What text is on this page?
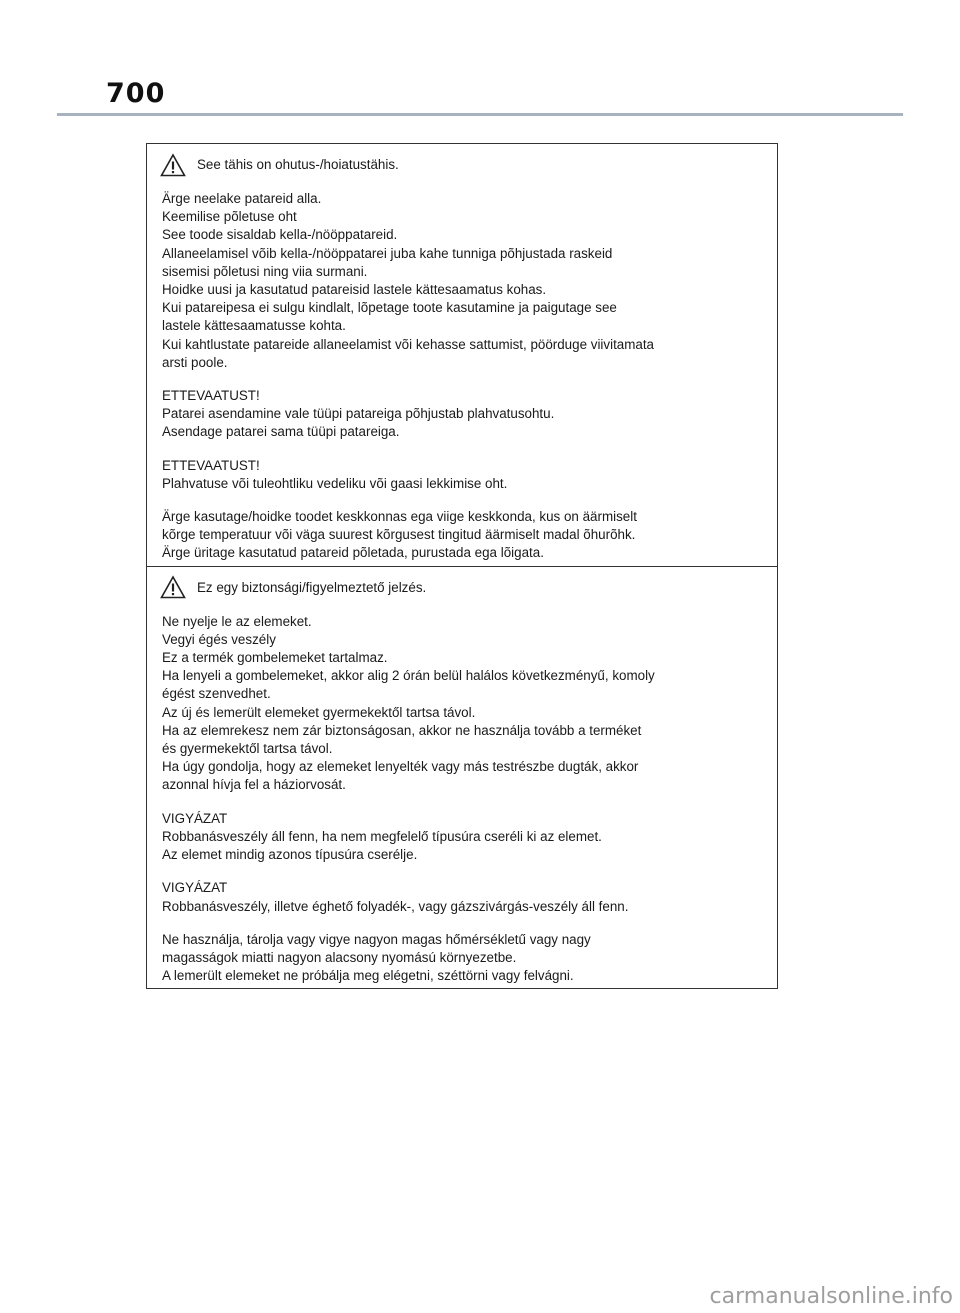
700
See tähis on ohutus-/hoiatustähis.
Ärge neelake patareid alla.
Keemilise põletuse oht
See toode sisaldab kella-/nööppatareid.
Allaneelamisel võib kella-/nööppatarei juba kahe tunniga põhjustada raskeid
sisemisi põletusi ning viia surmani.
Hoidke uusi ja kasutatud patareisid lastele kättesaamatus kohas.
Kui patareipesa ei sulgu kindlalt, lõpetage toote kasutamine ja paigutage see
lastele kättesaamatusse kohta.
Kui kahtlustate patareide allaneelamist või kehasse sattumist, pöörduge viivitamata
arsti poole.
ETTEVAATUST!
Patarei asendamine vale tüüpi patareiga põhjustab plahvatusohtu.
Asendage patarei sama tüüpi patareiga.
ETTEVAATUST!
Plahvatuse või tuleohtliku vedeliku või gaasi lekkimise oht.
Ärge kasutage/hoidke toodet keskkonnas ega viige keskkonda, kus on äärmiselt
kõrge temperatuur või väga suurest kõrgusest tingitud äärmiselt madal õhurõhk.
Ärge üritage kasutatud patareid põletada, purustada ega lõigata.
Ez egy biztonsági/figyelmeztető jelzés.
Ne nyelje le az elemeket.
Vegyi égés veszély
Ez a termék gombelemeket tartalmaz.
Ha lenyeli a gombelemeket, akkor alig 2 órán belül halálos következményű, komoly
égést szenvedhet.
Az új és lemerült elemeket gyermekektől tartsa távol.
Ha az elemrekesz nem zár biztonságosan, akkor ne használja tovább a terméket
és gyermekektől tartsa távol.
Ha úgy gondolja, hogy az elemeket lenyelték vagy más testrészbe dugták, akkor
azonnal hívja fel a háziorvosát.
VIGYÁZAT
Robbanásveszély áll fenn, ha nem megfelelő típusúra cseréli ki az elemet.
Az elemet mindig azonos típusúra cserélje.
VIGYÁZAT
Robbanásveszély, illetve éghető folyadék-, vagy gázszivárgás-veszély áll fenn.
Ne használja, tárolja vagy vigye nagyon magas hőmérsékletű vagy nagy
magasságok miatti nagyon alacsony nyomású környezetbe.
A lemerült elemeket ne próbálja meg elégetni, széttörni vagy felvágni.
carmanualsonline.info
